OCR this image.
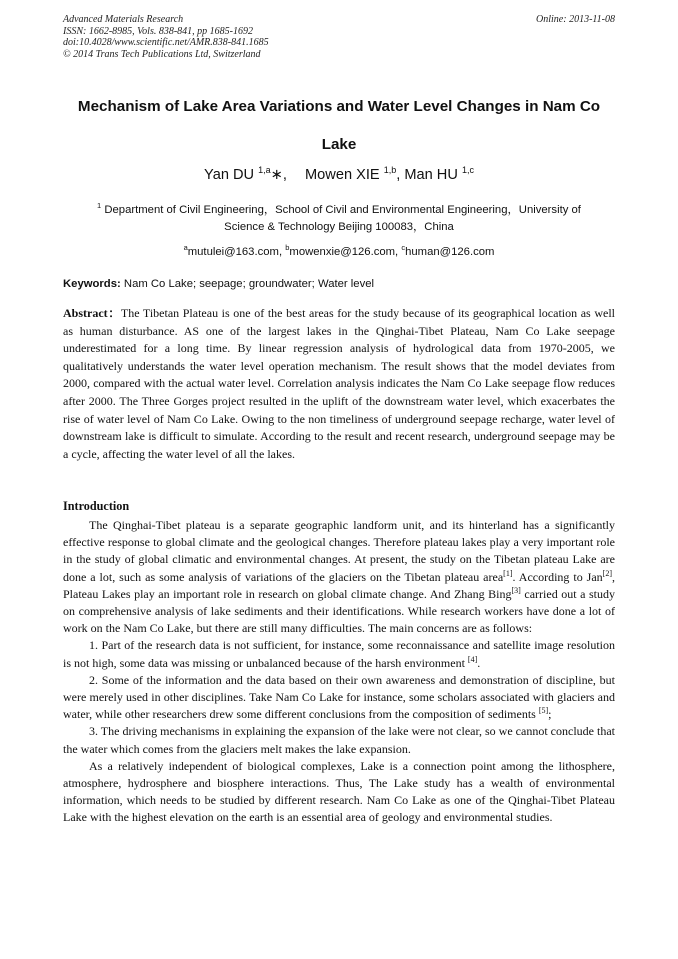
Advanced Materials Research
ISSN: 1662-8985, Vols. 838-841, pp 1685-1692
doi:10.4028/www.scientific.net/AMR.838-841.1685
© 2014 Trans Tech Publications Ltd, Switzerland
Online: 2013-11-08
Mechanism of Lake Area Variations and Water Level Changes in Nam Co
Lake
Yan DU $^{1,a}$∗, Mowen XIE $^{1,b}$, Man HU $^{1,c}$
$^1$ Department of Civil Engineering，School of Civil and Environmental Engineering，University of
Science & Technology Beijing 100083，China
$^a$mutulei@163.com, $^b$mowenxie@126.com, $^c$human@126.com
Keywords: Nam Co Lake; seepage; groundwater; Water level

Abstract：The Tibetan Plateau is one of the best areas for the study because of its geographical location as well as human disturbance. AS one of the largest lakes in the Qinghai-Tibet Plateau, Nam Co Lake seepage underestimated for a long time. By linear regression analysis of hydrological data from 1970-2005, we qualitatively understands the water level operation mechanism. The result shows that the model deviates from 2000, compared with the actual water level. Correlation analysis indicates the Nam Co Lake seepage flow reduces after 2000. The Three Gorges project resulted in the uplift of the downstream water level, which exacerbates the rise of water level of Nam Co Lake. Owing to the non timeliness of underground seepage recharge, water level of downstream lake is difficult to simulate. According to the result and recent research, underground seepage may be a cycle, affecting the water level of all the lakes.

Introduction

The Qinghai-Tibet plateau is a separate geographic landform unit, and its hinterland has a significantly effective response to global climate and the geological changes. Therefore plateau lakes play a very important role in the study of global climatic and environmental changes. At present, the study on the Tibetan plateau Lake are done a lot, such as some analysis of variations of the glaciers on the Tibetan plateau area[1]. According to Jan[2], Plateau Lakes play an important role in research on global climate change. And Zhang Bing[3] carried out a study on comprehensive analysis of lake sediments and their identifications. While research workers have done a lot of work on the Nam Co Lake, but there are still many difficulties. The main concerns are as follows:

1. Part of the research data is not sufficient, for instance, some reconnaissance and satellite image resolution is not high, some data was missing or unbalanced because of the harsh environment [4].

2. Some of the information and the data based on their own awareness and demonstration of discipline, but were merely used in other disciplines. Take Nam Co Lake for instance, some scholars associated with glaciers and water, while other researchers drew some different conclusions from the composition of sediments [5];

3. The driving mechanisms in explaining the expansion of the lake were not clear, so we cannot conclude that the water which comes from the glaciers melt makes the lake expansion.

As a relatively independent of biological complexes, Lake is a connection point among the lithosphere, atmosphere, hydrosphere and biosphere interactions. Thus, The Lake study has a wealth of environmental information, which needs to be studied by different research. Nam Co Lake as one of the Qinghai-Tibet Plateau Lake with the highest elevation on the earth is an essential area of geology and environmental studies.
